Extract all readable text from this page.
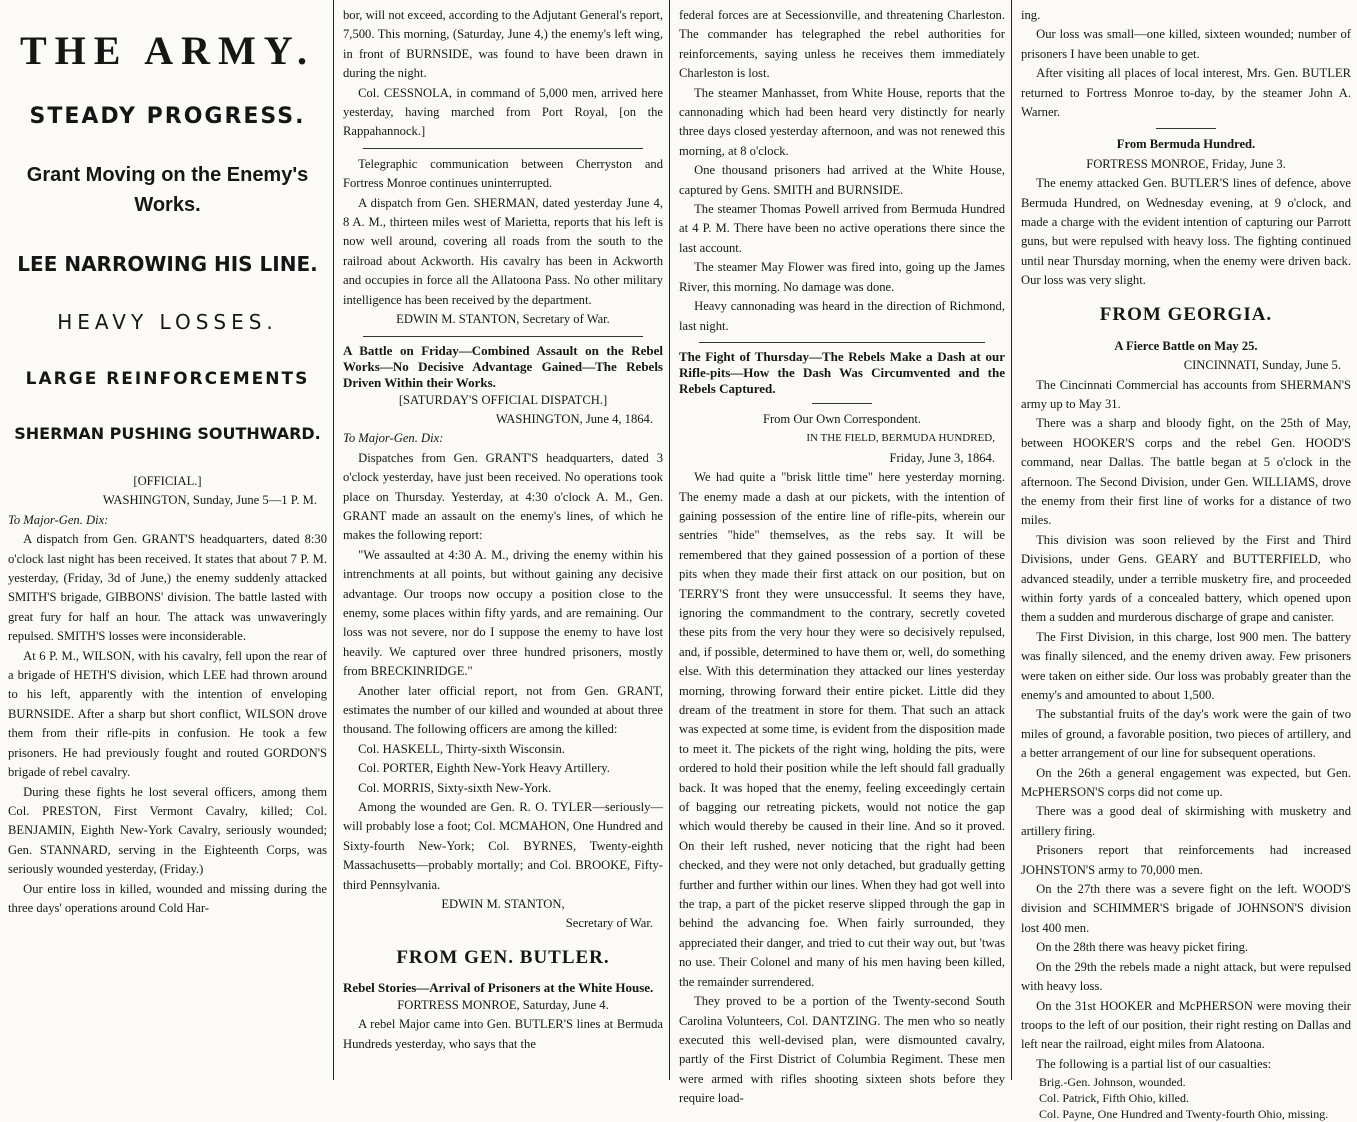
THE ARMY.
STEADY PROGRESS.
Grant Moving on the Enemy's Works.
LEE NARROWING HIS LINE.
HEAVY LOSSES.
LARGE REINFORCEMENTS
SHERMAN PUSHING SOUTHWARD.

[OFFICIAL.]

WASHINGTON, Sunday, June 5—1 P. M.

To Major-Gen. Dix:

A dispatch from Gen. GRANT'S headquarters, dated 8:30 o'clock last night has been received. It states that about 7 P. M. yesterday, (Friday, 3d of June,) the enemy suddenly attacked SMITH'S brigade, GIBBONS' division. The battle lasted with great fury for half an hour. The attack was unwaveringly repulsed. SMITH'S losses were inconsiderable.

At 6 P. M., WILSON, with his cavalry, fell upon the rear of a brigade of HETH'S division, which LEE had thrown around to his left, apparently with the intention of enveloping BURNSIDE. After a sharp but short conflict, WILSON drove them from their rifle-pits in confusion. He took a few prisoners. He had previously fought and routed GORDON'S brigade of rebel cavalry.

During these fights he lost several officers, among them Col. PRESTON, First Vermont Cavalry, killed; Col. BENJAMIN, Eighth New-York Cavalry, seriously wounded; Gen. STANNARD, serving in the Eighteenth Corps, was seriously wounded yesterday, (Friday.)

Our entire loss in killed, wounded and missing during the three days' operations around Cold Har-

bor, will not exceed, according to the Adjutant General's report, 7,500. This morning, (Saturday, June 4,) the enemy's left wing, in front of BURNSIDE, was found to have been drawn in during the night.

Col. CESSNOLA, in command of 5,000 men, arrived here yesterday, having marched from Port Royal, [on the Rappahannock.]

Telegraphic communication between Cherryston and Fortress Monroe continues uninterrupted.

A dispatch from Gen. SHERMAN, dated yesterday June 4, 8 A. M., thirteen miles west of Marietta, reports that his left is now well around, covering all roads from the south to the railroad about Ackworth. His cavalry has been in Ackworth and occupies in force all the Allatoona Pass. No other military intelligence has been received by the department.

EDWIN M. STANTON, Secretary of War.

A Battle on Friday—Combined Assault on the Rebel Works—No Decisive Advantage Gained—The Rebels Driven Within their Works.

[SATURDAY'S OFFICIAL DISPATCH.]

WASHINGTON, June 4, 1864.

To Major-Gen. Dix:

Dispatches from Gen. GRANT'S headquarters, dated 3 o'clock yesterday, have just been received. No operations took place on Thursday. Yesterday, at 4:30 o'clock A. M., Gen. GRANT made an assault on the enemy's lines, of which he makes the following report:

"We assaulted at 4:30 A. M., driving the enemy within his intrenchments at all points, but without gaining any decisive advantage. Our troops now occupy a position close to the enemy, some places within fifty yards, and are remaining. Our loss was not severe, nor do I suppose the enemy to have lost heavily. We captured over three hundred prisoners, mostly from BRECKINRIDGE."

Another later official report, not from Gen. GRANT, estimates the number of our killed and wounded at about three thousand. The following officers are among the killed:

Col. HASKELL, Thirty-sixth Wisconsin.

Col. PORTER, Eighth New-York Heavy Artillery.

Col. MORRIS, Sixty-sixth New-York.

Among the wounded are Gen. R. O. TYLER—seriously—will probably lose a foot; Col. MCMAHON, One Hundred and Sixty-fourth New-York; Col. BYRNES, Twenty-eighth Massachusetts—probably mortally; and Col. BROOKE, Fifty-third Pennsylvania.

EDWIN M. STANTON,

Secretary of War.

FROM GEN. BUTLER.

Rebel Stories—Arrival of Prisoners at the White House.

FORTRESS MONROE, Saturday, June 4.

A rebel Major came into Gen. BUTLER'S lines at Bermuda Hundreds yesterday, who says that the

federal forces are at Secessionville, and threatening Charleston. The commander has telegraphed the rebel authorities for reinforcements, saying unless he receives them immediately Charleston is lost.

The steamer Manhasset, from White House, reports that the cannonading which had been heard very distinctly for nearly three days closed yesterday afternoon, and was not renewed this morning, at 8 o'clock.

One thousand prisoners had arrived at the White House, captured by Gens. SMITH and BURNSIDE.

The steamer Thomas Powell arrived from Bermuda Hundred at 4 P. M. There have been no active operations there since the last account.

The steamer May Flower was fired into, going up the James River, this morning. No damage was done.

Heavy cannonading was heard in the direction of Richmond, last night.

The Fight of Thursday—The Rebels Make a Dash at our Rifle-pits—How the Dash Was Circumvented and the Rebels Captured.

From Our Own Correspondent.

IN THE FIELD, BERMUDA HUNDRED,

Friday, June 3, 1864.

We had quite a "brisk little time" here yesterday morning. The enemy made a dash at our pickets, with the intention of gaining possession of the entire line of rifle-pits, wherein our sentries "hide" themselves, as the rebs say. It will be remembered that they gained possession of a portion of these pits when they made their first attack on our position, but on TERRY'S front they were unsuccessful. It seems they have, ignoring the commandment to the contrary, secretly coveted these pits from the very hour they were so decisively repulsed, and, if possible, determined to have them or, well, do something else. With this determination they attacked our lines yesterday morning, throwing forward their entire picket. Little did they dream of the treatment in store for them. That such an attack was expected at some time, is evident from the disposition made to meet it. The pickets of the right wing, holding the pits, were ordered to hold their position while the left should fall gradually back. It was hoped that the enemy, feeling exceedingly certain of bagging our retreating pickets, would not notice the gap which would thereby be caused in their line. And so it proved. On their left rushed, never noticing that the right had been checked, and they were not only detached, but gradually getting further and further within our lines. When they had got well into the trap, a part of the picket reserve slipped through the gap in behind the advancing foe. When fairly surrounded, they appreciated their danger, and tried to cut their way out, but 'twas no use. Their Colonel and many of his men having been killed, the remainder surrendered.

They proved to be a portion of the Twenty-second South Carolina Volunteers, Col. DANTZING. The men who so neatly executed this well-devised plan, were dismounted cavalry, partly of the First District of Columbia Regiment. These men were armed with rifles shooting sixteen shots before they require load-

ing.

Our loss was small—one killed, sixteen wounded; number of prisoners I have been unable to get.

After visiting all places of local interest, Mrs. Gen. BUTLER returned to Fortress Monroe to-day, by the steamer John A. Warner.

From Bermuda Hundred.

FORTRESS MONROE, Friday, June 3.

The enemy attacked Gen. BUTLER'S lines of defence, above Bermuda Hundred, on Wednesday evening, at 9 o'clock, and made a charge with the evident intention of capturing our Parrott guns, but were repulsed with heavy loss. The fighting continued until near Thursday morning, when the enemy were driven back. Our loss was very slight.

FROM GEORGIA.

A Fierce Battle on May 25.

CINCINNATI, Sunday, June 5.

The Cincinnati Commercial has accounts from SHERMAN'S army up to May 31.

There was a sharp and bloody fight, on the 25th of May, between HOOKER'S corps and the rebel Gen. HOOD'S command, near Dallas. The battle began at 5 o'clock in the afternoon. The Second Division, under Gen. WILLIAMS, drove the enemy from their first line of works for a distance of two miles.

This division was soon relieved by the First and Third Divisions, under Gens. GEARY and BUTTERFIELD, who advanced steadily, under a terrible musketry fire, and proceeded within forty yards of a concealed battery, which opened upon them a sudden and murderous discharge of grape and canister.

The First Division, in this charge, lost 900 men. The battery was finally silenced, and the enemy driven away. Few prisoners were taken on either side. Our loss was probably greater than the enemy's and amounted to about 1,500.

The substantial fruits of the day's work were the gain of two miles of ground, a favorable position, two pieces of artillery, and a better arrangement of our line for subsequent operations.

On the 26th a general engagement was expected, but Gen. McPHERSON'S corps did not come up.

There was a good deal of skirmishing with musketry and artillery firing.

Prisoners report that reinforcements had increased JOHNSTON'S army to 70,000 men.

On the 27th there was a severe fight on the left. WOOD'S division and SCHIMMER'S brigade of JOHNSON'S division lost 400 men.

On the 28th there was heavy picket firing.

On the 29th the rebels made a night attack, but were repulsed with heavy loss.

On the 31st HOOKER and McPHERSON were moving their troops to the left of our position, their right resting on Dallas and left near the railroad, eight miles from Alatoona.

The following is a partial list of our casualties:

Brig.-Gen. Johnson, wounded.

Col. Patrick, Fifth Ohio, killed.

Col. Payne, One Hundred and Twenty-fourth Ohio, missing.
